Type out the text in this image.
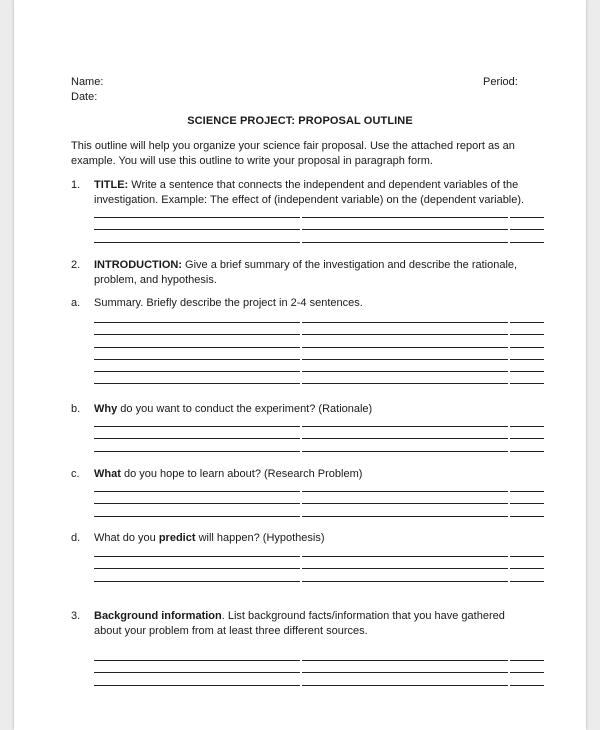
Name:
Date:
Period:
SCIENCE PROJECT: PROPOSAL OUTLINE
This outline will help you organize your science fair proposal. Use the attached report as an
example. You will use this outline to write your proposal in paragraph form.
1. TITLE: Write a sentence that connects the independent and dependent variables of the
investigation. Example: The effect of (independent variable) on the (dependent variable).
2. INTRODUCTION: Give a brief summary of the investigation and describe the rationale,
problem, and hypothesis.
a. Summary. Briefly describe the project in 2-4 sentences.
b. Why do you want to conduct the experiment? (Rationale)
c. What do you hope to learn about? (Research Problem)
d. What do you predict will happen? (Hypothesis)
3. Background information. List background facts/information that you have gathered
about your problem from at least three different sources.
